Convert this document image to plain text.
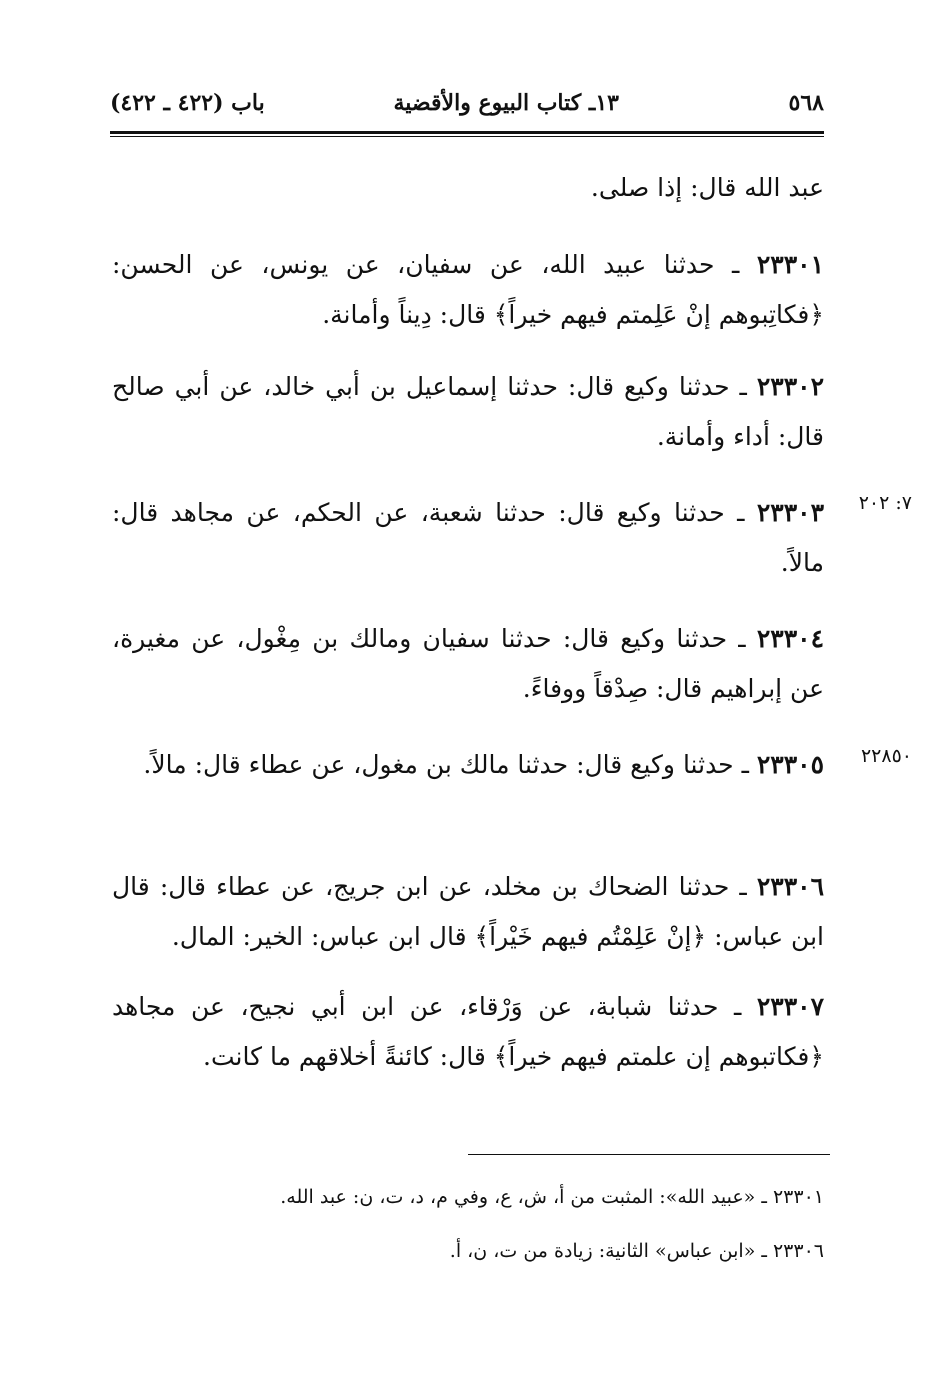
٥٦٨
١٣ـ كتاب البيوع والأقضية
باب (٤٢٢ ـ ٤٢٢)
عبد الله قال: إذا صلى.
٢٣٣٠١ ـ حدثنا عبيد الله، عن سفيان، عن يونس، عن الحسن: ﴿فكاتِبوهم إنْ عَلِمتم فيهم خيراً﴾ قال: دِيناً وأمانة.
٢٣٣٠٢ ـ حدثنا وكيع قال: حدثنا إسماعيل بن أبي خالد، عن أبي صالح قال: أداء وأمانة.
٧: ٢٠٢
٢٣٣٠٣ ـ حدثنا وكيع قال: حدثنا شعبة، عن الحكم، عن مجاهد قال: مالاً.
٢٣٣٠٤ ـ حدثنا وكيع قال: حدثنا سفيان ومالك بن مِغْول، عن مغيرة، عن إبراهيم قال: صِدْقاً ووفاءً.
٢٢٨٥٠
٢٣٣٠٥ ـ حدثنا وكيع قال: حدثنا مالك بن مغول، عن عطاء قال: مالاً.
٢٣٣٠٦ ـ حدثنا الضحاك بن مخلد، عن ابن جريج، عن عطاء قال: قال ابن عباس: ﴿إنْ عَلِمْتُم فيهم خَيْراً﴾ قال ابن عباس: الخير: المال.
٢٣٣٠٧ ـ حدثنا شبابة، عن وَرْقاء، عن ابن أبي نجيح، عن مجاهد ﴿فكاتبوهم إن علمتم فيهم خيراً﴾ قال: كائنةً أخلاقهم ما كانت.
٢٣٣٠١ ـ «عبيد الله»: المثبت من أ، ش، ع، وفي م، د، ت، ن: عبد الله.
٢٣٣٠٦ ـ «ابن عباس» الثانية: زيادة من ت، ن، أ.
